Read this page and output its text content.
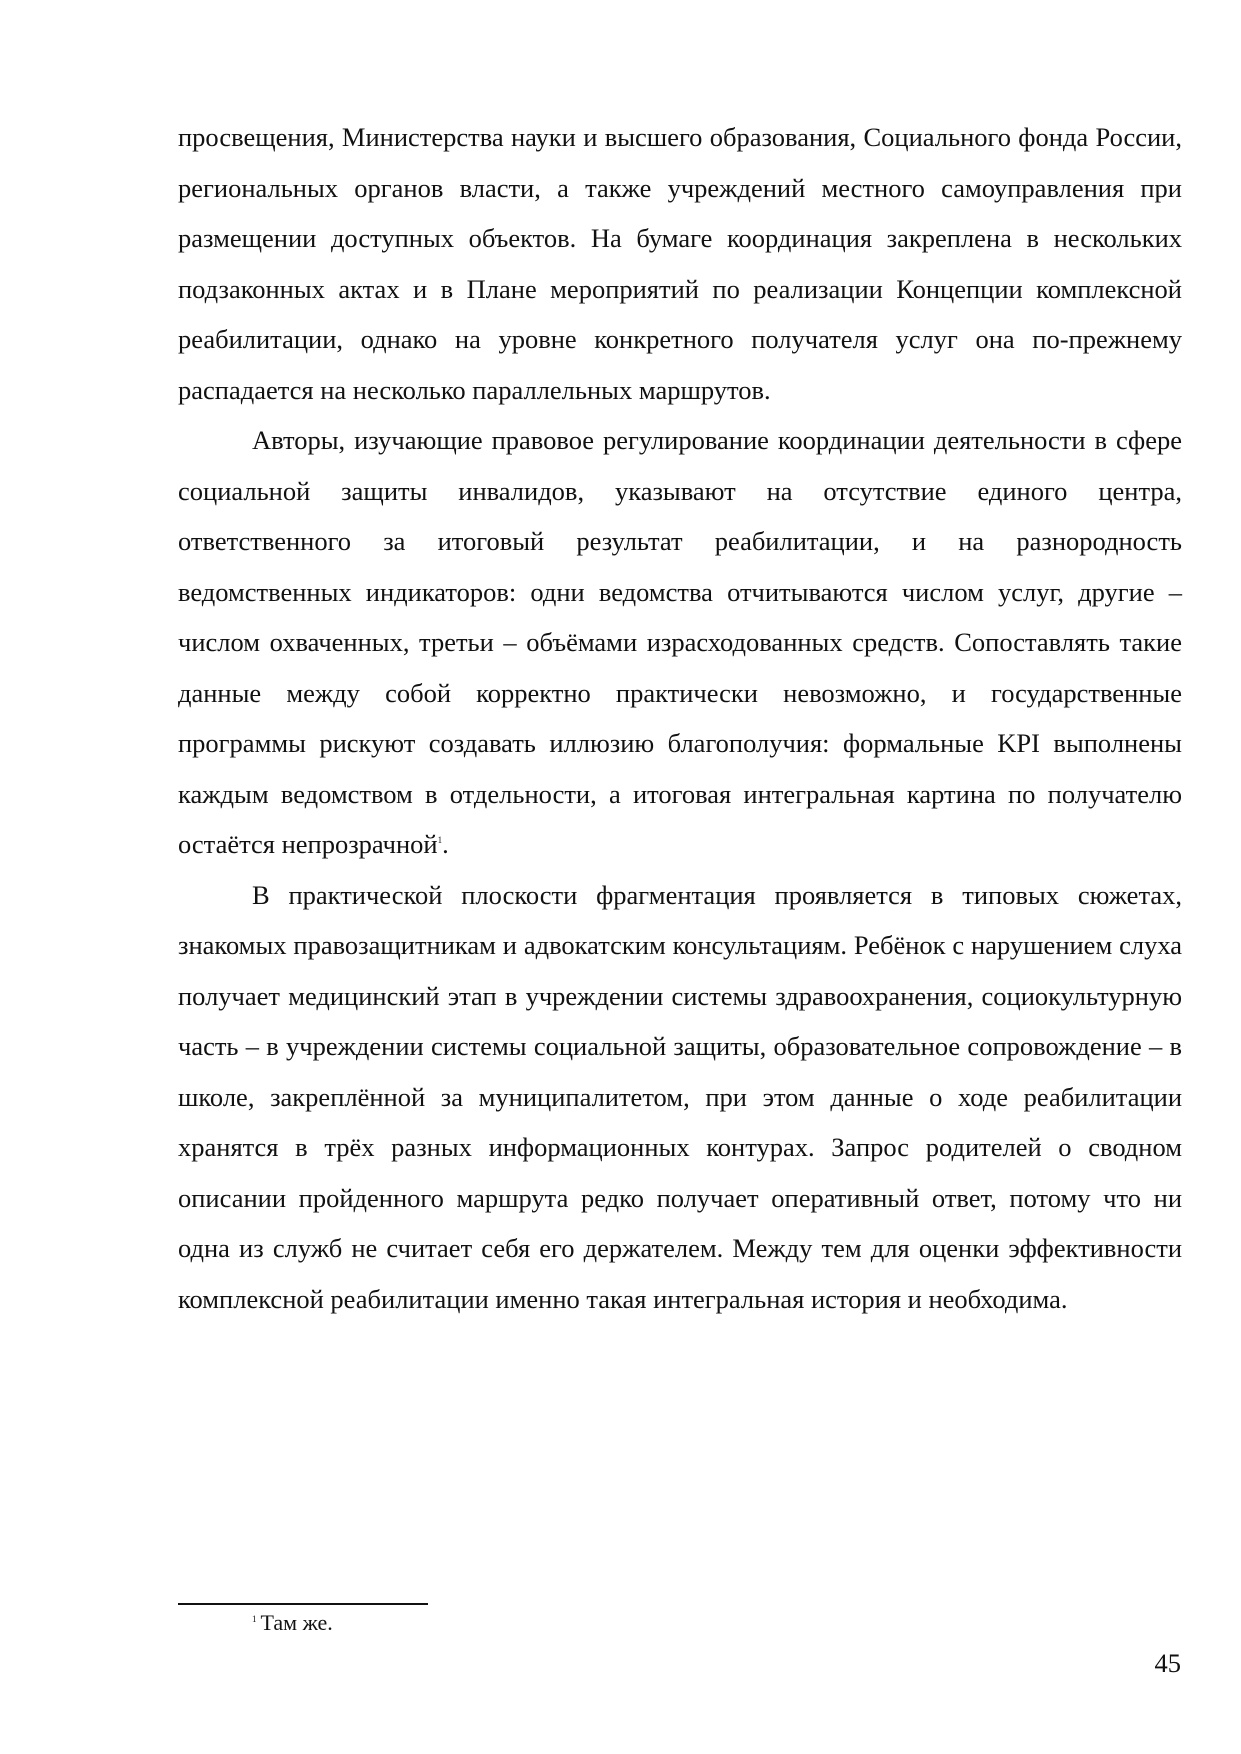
просвещения, Министерства науки и высшего образования, Социального фонда России, региональных органов власти, а также учреждений местного самоуправления при размещении доступных объектов. На бумаге координация закреплена в нескольких подзаконных актах и в Плане мероприятий по реализации Концепции комплексной реабилитации, однако на уровне конкретного получателя услуг она по-прежнему распадается на несколько параллельных маршрутов.

Авторы, изучающие правовое регулирование координации деятельности в сфере социальной защиты инвалидов, указывают на отсутствие единого центра, ответственного за итоговый результат реабилитации, и на разнородность ведомственных индикаторов: одни ведомства отчитываются числом услуг, другие – числом охваченных, третьи – объёмами израсходованных средств. Сопоставлять такие данные между собой корректно практически невозможно, и государственные программы рискуют создавать иллюзию благополучия: формальные KPI выполнены каждым ведомством в отдельности, а итоговая интегральная картина по получателю остаётся непрозрачной$^1$.

В практической плоскости фрагментация проявляется в типовых сюжетах, знакомых правозащитникам и адвокатским консультациям. Ребёнок с нарушением слуха получает медицинский этап в учреждении системы здравоохранения, социокультурную часть – в учреждении системы социальной защиты, образовательное сопровождение – в школе, закреплённой за муниципалитетом, при этом данные о ходе реабилитации хранятся в трёх разных информационных контурах. Запрос родителей о сводном описании пройденного маршрута редко получает оперативный ответ, потому что ни одна из служб не считает себя его держателем. Между тем для оценки эффективности комплексной реабилитации именно такая интегральная история и необходима.

$^1$ Там же.
45
